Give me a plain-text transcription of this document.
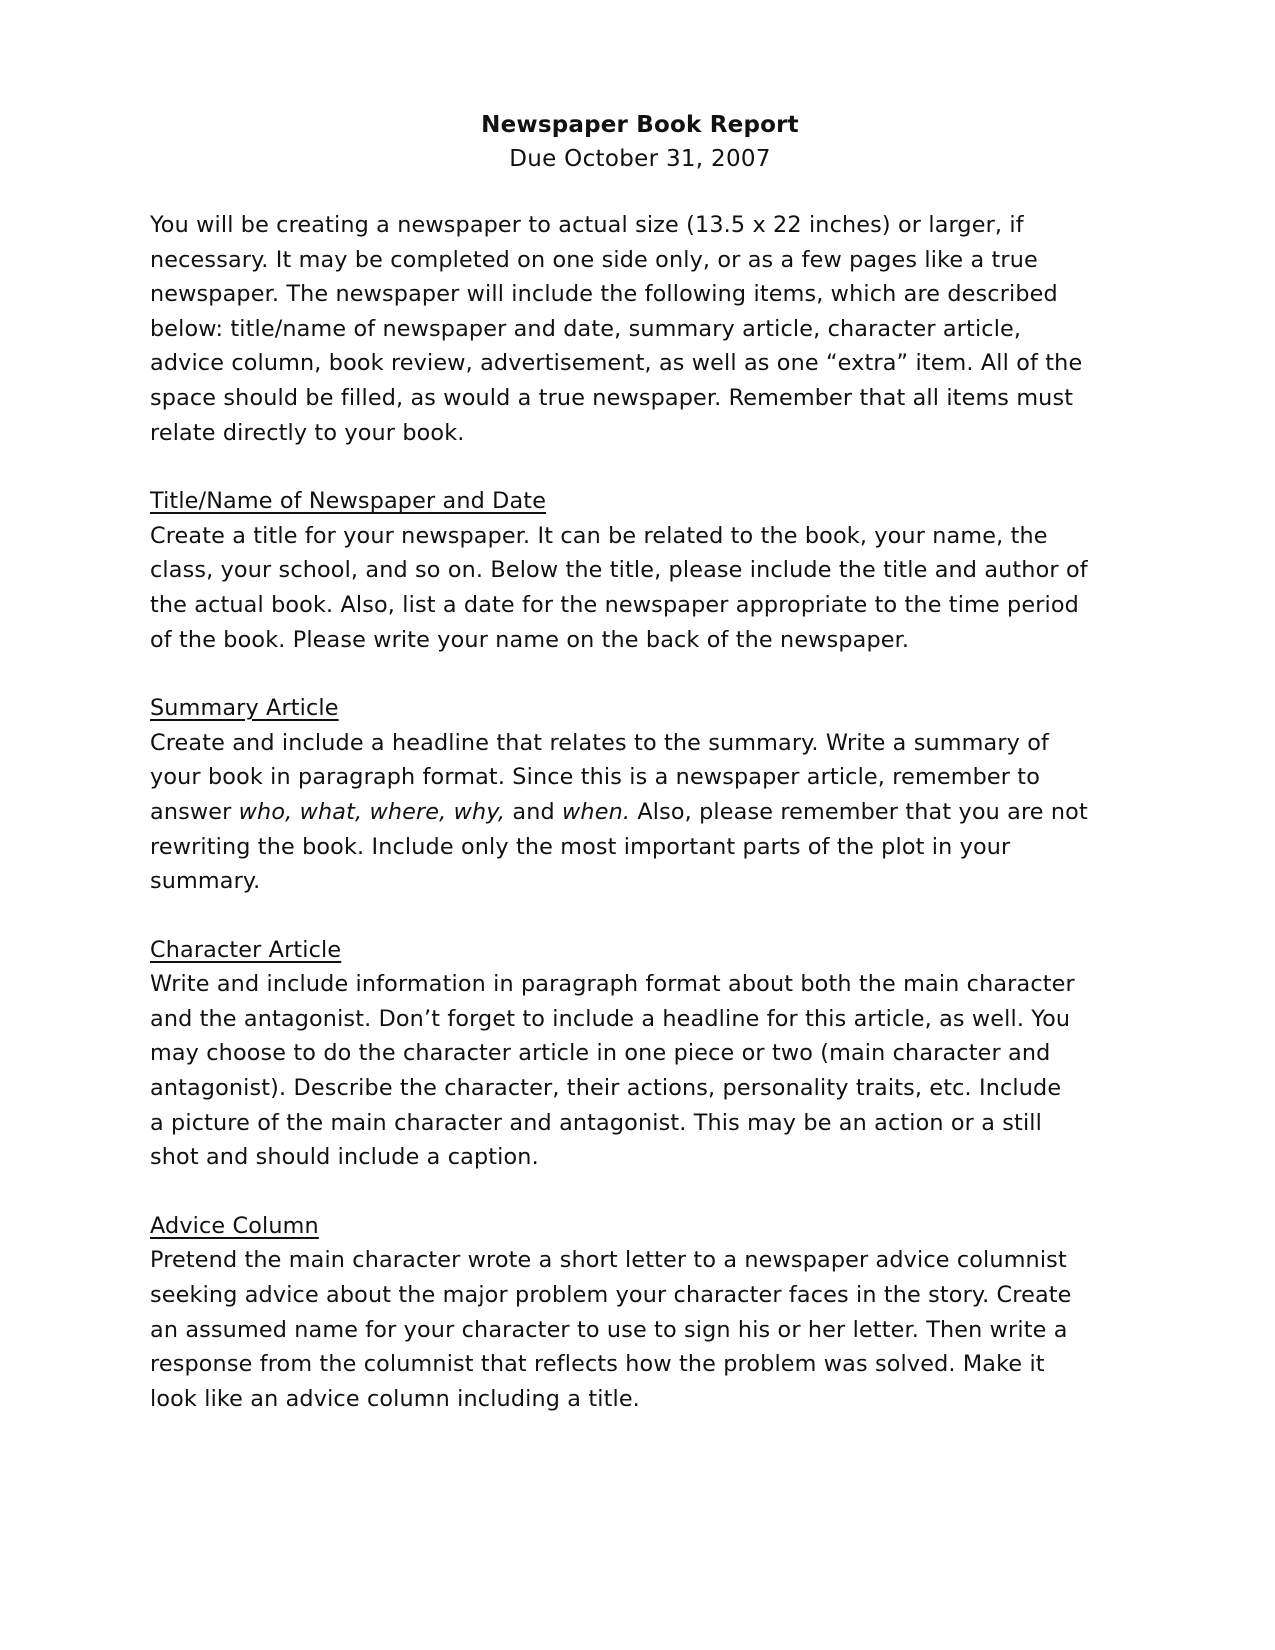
Newspaper Book Report
Due October 31, 2007
You will be creating a newspaper to actual size (13.5 x 22 inches) or larger, if
necessary. It may be completed on one side only, or as a few pages like a true
newspaper. The newspaper will include the following items, which are described
below: title/name of newspaper and date, summary article, character article,
advice column, book review, advertisement, as well as one “extra” item. All of the
space should be filled, as would a true newspaper. Remember that all items must
relate directly to your book.
Title/Name of Newspaper and Date
Create a title for your newspaper. It can be related to the book, your name, the
class, your school, and so on. Below the title, please include the title and author of
the actual book. Also, list a date for the newspaper appropriate to the time period
of the book. Please write your name on the back of the newspaper.
Summary Article
Create and include a headline that relates to the summary. Write a summary of
your book in paragraph format. Since this is a newspaper article, remember to
answer who, what, where, why, and when. Also, please remember that you are not
rewriting the book. Include only the most important parts of the plot in your
summary.
Character Article
Write and include information in paragraph format about both the main character
and the antagonist. Don’t forget to include a headline for this article, as well. You
may choose to do the character article in one piece or two (main character and
antagonist). Describe the character, their actions, personality traits, etc. Include
a picture of the main character and antagonist. This may be an action or a still
shot and should include a caption.
Advice Column
Pretend the main character wrote a short letter to a newspaper advice columnist
seeking advice about the major problem your character faces in the story. Create
an assumed name for your character to use to sign his or her letter. Then write a
response from the columnist that reflects how the problem was solved. Make it
look like an advice column including a title.
